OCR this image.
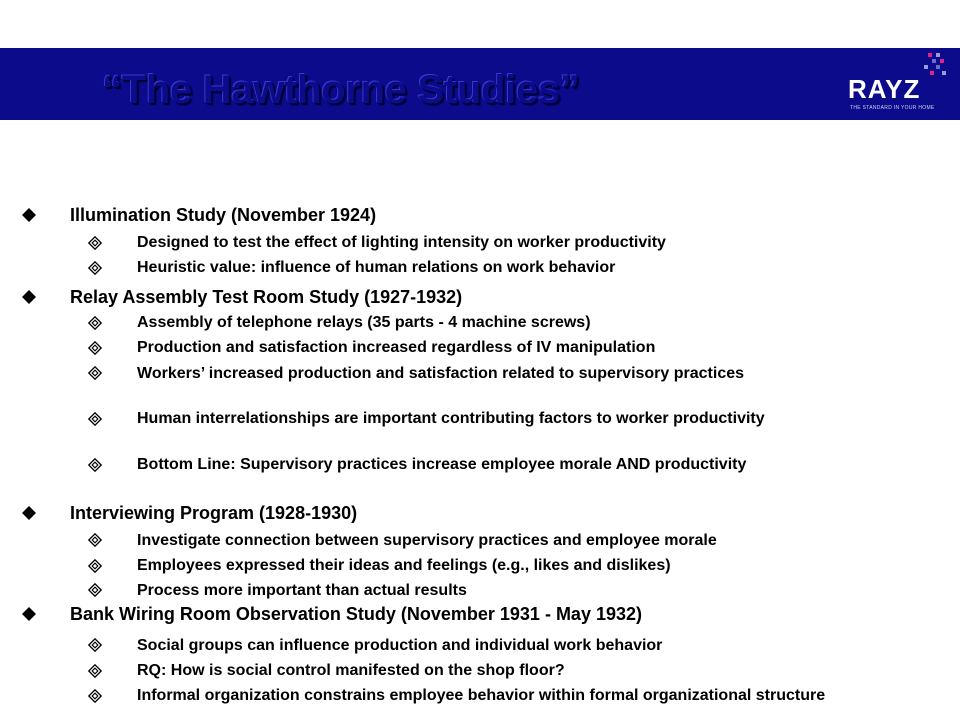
“The Hawthorne Studies”	RAYZ
THE STANDARD IN YOUR HOME
Illumination Study (November 1924)
Designed to test the effect of lighting intensity on worker productivity
Heuristic value: influence of human relations on work behavior
Relay Assembly Test Room Study (1927-1932)
Assembly of telephone relays (35 parts - 4 machine screws)
Production and satisfaction increased regardless of IV manipulation
Workers’ increased production and satisfaction related to supervisory practices
Human interrelationships are important contributing factors to worker productivity
Bottom Line: Supervisory practices increase employee morale AND productivity
Interviewing Program (1928-1930)
Investigate connection between supervisory practices and employee morale
Employees expressed their ideas and feelings (e.g., likes and dislikes)
Process more important than actual results
Bank Wiring Room Observation Study (November 1931 - May 1932)
Social groups can influence production and individual work behavior
RQ: How is social control manifested on the shop floor?
Informal organization constrains employee behavior within formal organizational structure
